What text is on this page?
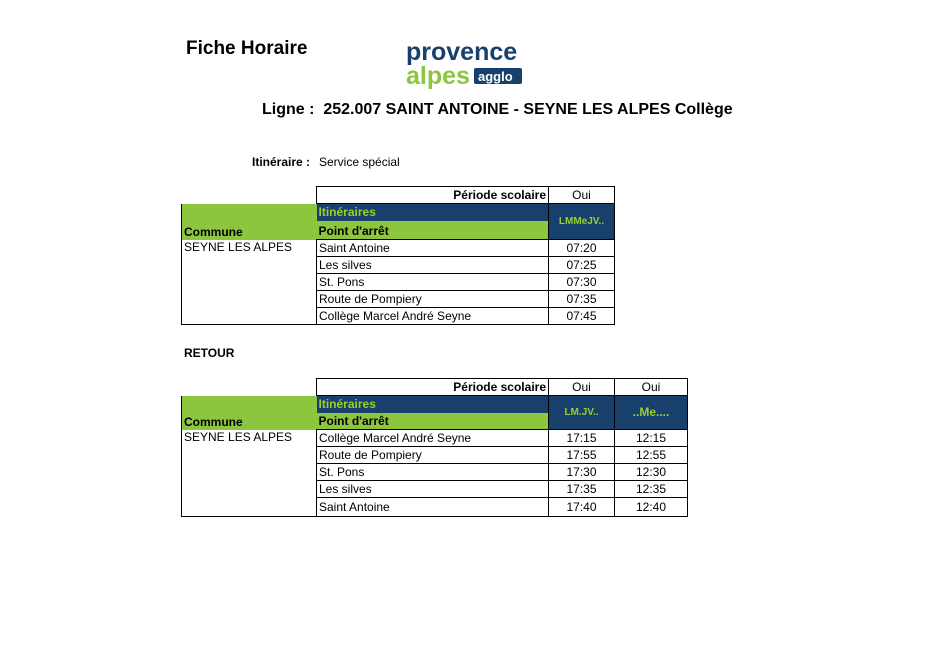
Fiche Horaire	provence
alpes agglo
Ligne : 252.007 SAINT ANTOINE - SEYNE LES ALPES Collège
Itinéraire : Service spécial
	Période scolaire	Oui
	Itinéraires	LMMeJV..
Commune	Point d'arrêt	
SEYNE LES ALPES	Saint Antoine	07:20
	Les silves	07:25
	St. Pons	07:30
	Route de Pompiery	07:35
	Collège Marcel André Seyne	07:45
RETOUR
	Période scolaire	Oui	Oui
	Itinéraires	LM.JV..	..Me....
Commune	Point d'arrêt		
SEYNE LES ALPES	Collège Marcel André Seyne	17:15	12:15
	Route de Pompiery	17:55	12:55
	St. Pons	17:30	12:30
	Les silves	17:35	12:35
	Saint Antoine	17:40	12:40
